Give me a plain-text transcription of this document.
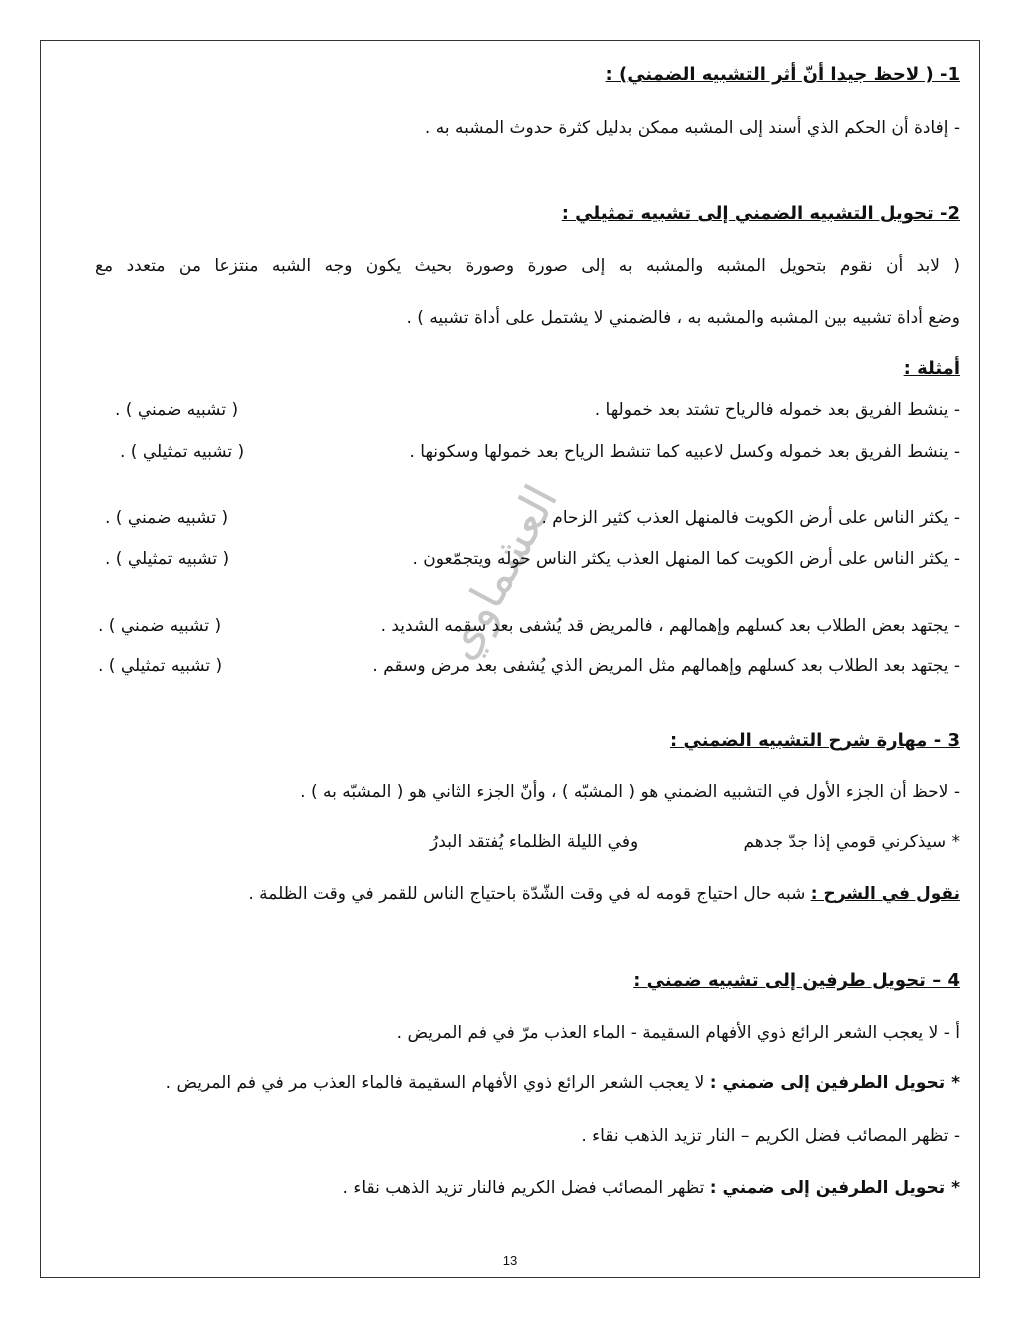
العشماوي
1- ( لاحظ جيدا أنّ أثر التشبيه الضمني) :
- إفادة أن الحكم الذي أسند إلى المشبه ممكن بدليل كثرة حدوث المشبه به .
2- تحويل التشبيه الضمني إلى تشبيه تمثيلي :
( لابد أن نقوم بتحويل المشبه والمشبه به إلى صورة وصورة بحيث يكون وجه الشبه منتزعا من متعدد مع
وضع أداة تشبيه بين المشبه والمشبه به ، فالضمني لا يشتمل على أداة تشبيه ) .
أمثلة :
- ينشط الفريق بعد خموله فالرياح تشتد بعد خمولها .
( تشبيه ضمني ) .
- ينشط الفريق بعد خموله وكسل لاعبيه كما تنشط الرياح بعد خمولها وسكونها .
( تشبيه تمثيلي ) .
- يكثر الناس على أرض الكويت فالمنهل العذب كثير الزحام .
( تشبيه ضمني ) .
- يكثر الناس على أرض الكويت كما المنهل العذب يكثر الناس حوله ويتجمّعون .
( تشبيه تمثيلي ) .
- يجتهد بعض الطلاب بعد كسلهم وإهمالهم ، فالمريض قد يُشفى بعد سقمه الشديد .
( تشبيه ضمني ) .
- يجتهد بعد الطلاب بعد كسلهم وإهمالهم مثل المريض الذي يُشفى بعد مرض وسقم .
( تشبيه تمثيلي ) .
3 - مهارة شرح التشبيه الضمني :
- لاحظ أن الجزء الأول في التشبيه الضمني هو ( المشبّه ) ، وأنّ الجزء الثاني هو ( المشبّه به ) .
* سيذكرني قومي إذا جدّ جدهم
وفي الليلة الظلماء يُفتقد البدرُ
نقول في الشرح : شبه حال احتياج قومه له في وقت الشّدّة باحتياج الناس للقمر في وقت الظلمة .
4 – تحويل طرفين إلى تشبيه ضمني :
أ - لا يعجب الشعر الرائع ذوي الأفهام السقيمة - الماء العذب مرّ في فم المريض .
* تحويل الطرفين إلى ضمني : لا يعجب الشعر الرائع ذوي الأفهام السقيمة فالماء العذب مر في فم المريض .
- تظهر المصائب فضل الكريم – النار تزيد الذهب نقاء .
* تحويل الطرفين إلى ضمني : تظهر المصائب فضل الكريم فالنار تزيد الذهب نقاء .
13
